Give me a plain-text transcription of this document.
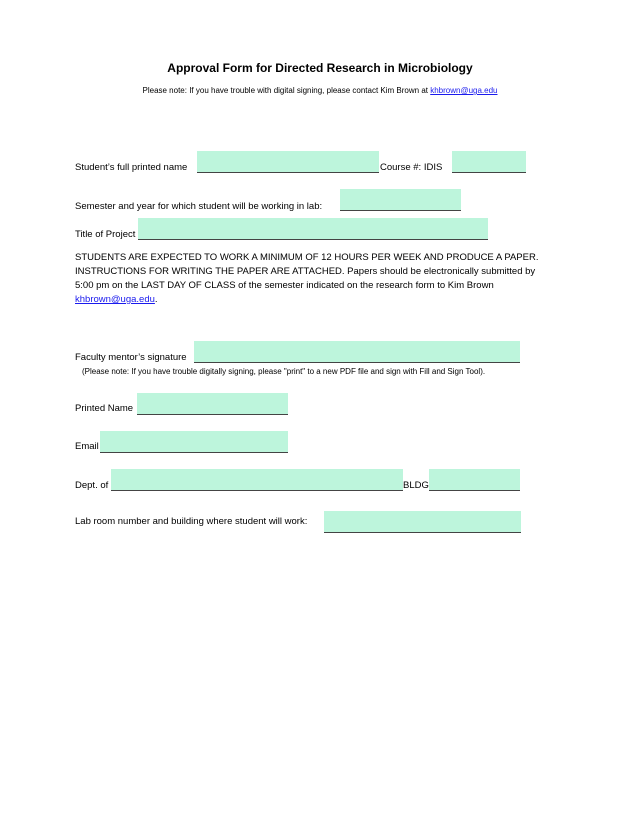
Approval Form for Directed Research in Microbiology
Please note: If you have trouble with digital signing, please contact Kim Brown at khbrown@uga.edu
Student’s full printed name	Course #: IDIS
Semester and year for which student will be working in lab:
Title of Project
STUDENTS ARE EXPECTED TO WORK A MINIMUM OF 12 HOURS PER WEEK AND PRODUCE A PAPER. INSTRUCTIONS FOR WRITING THE PAPER ARE ATTACHED. Papers should be electronically submitted by 5:00 pm on the LAST DAY OF CLASS of the semester indicated on the research form to Kim Brown khbrown@uga.edu.
Faculty mentor’s signature
(Please note: If you have trouble digitally signing, please "print" to a new PDF file and sign with Fill and Sign Tool).
Printed Name
Email
Dept. of	BLDG
Lab room number and building where student will work:
